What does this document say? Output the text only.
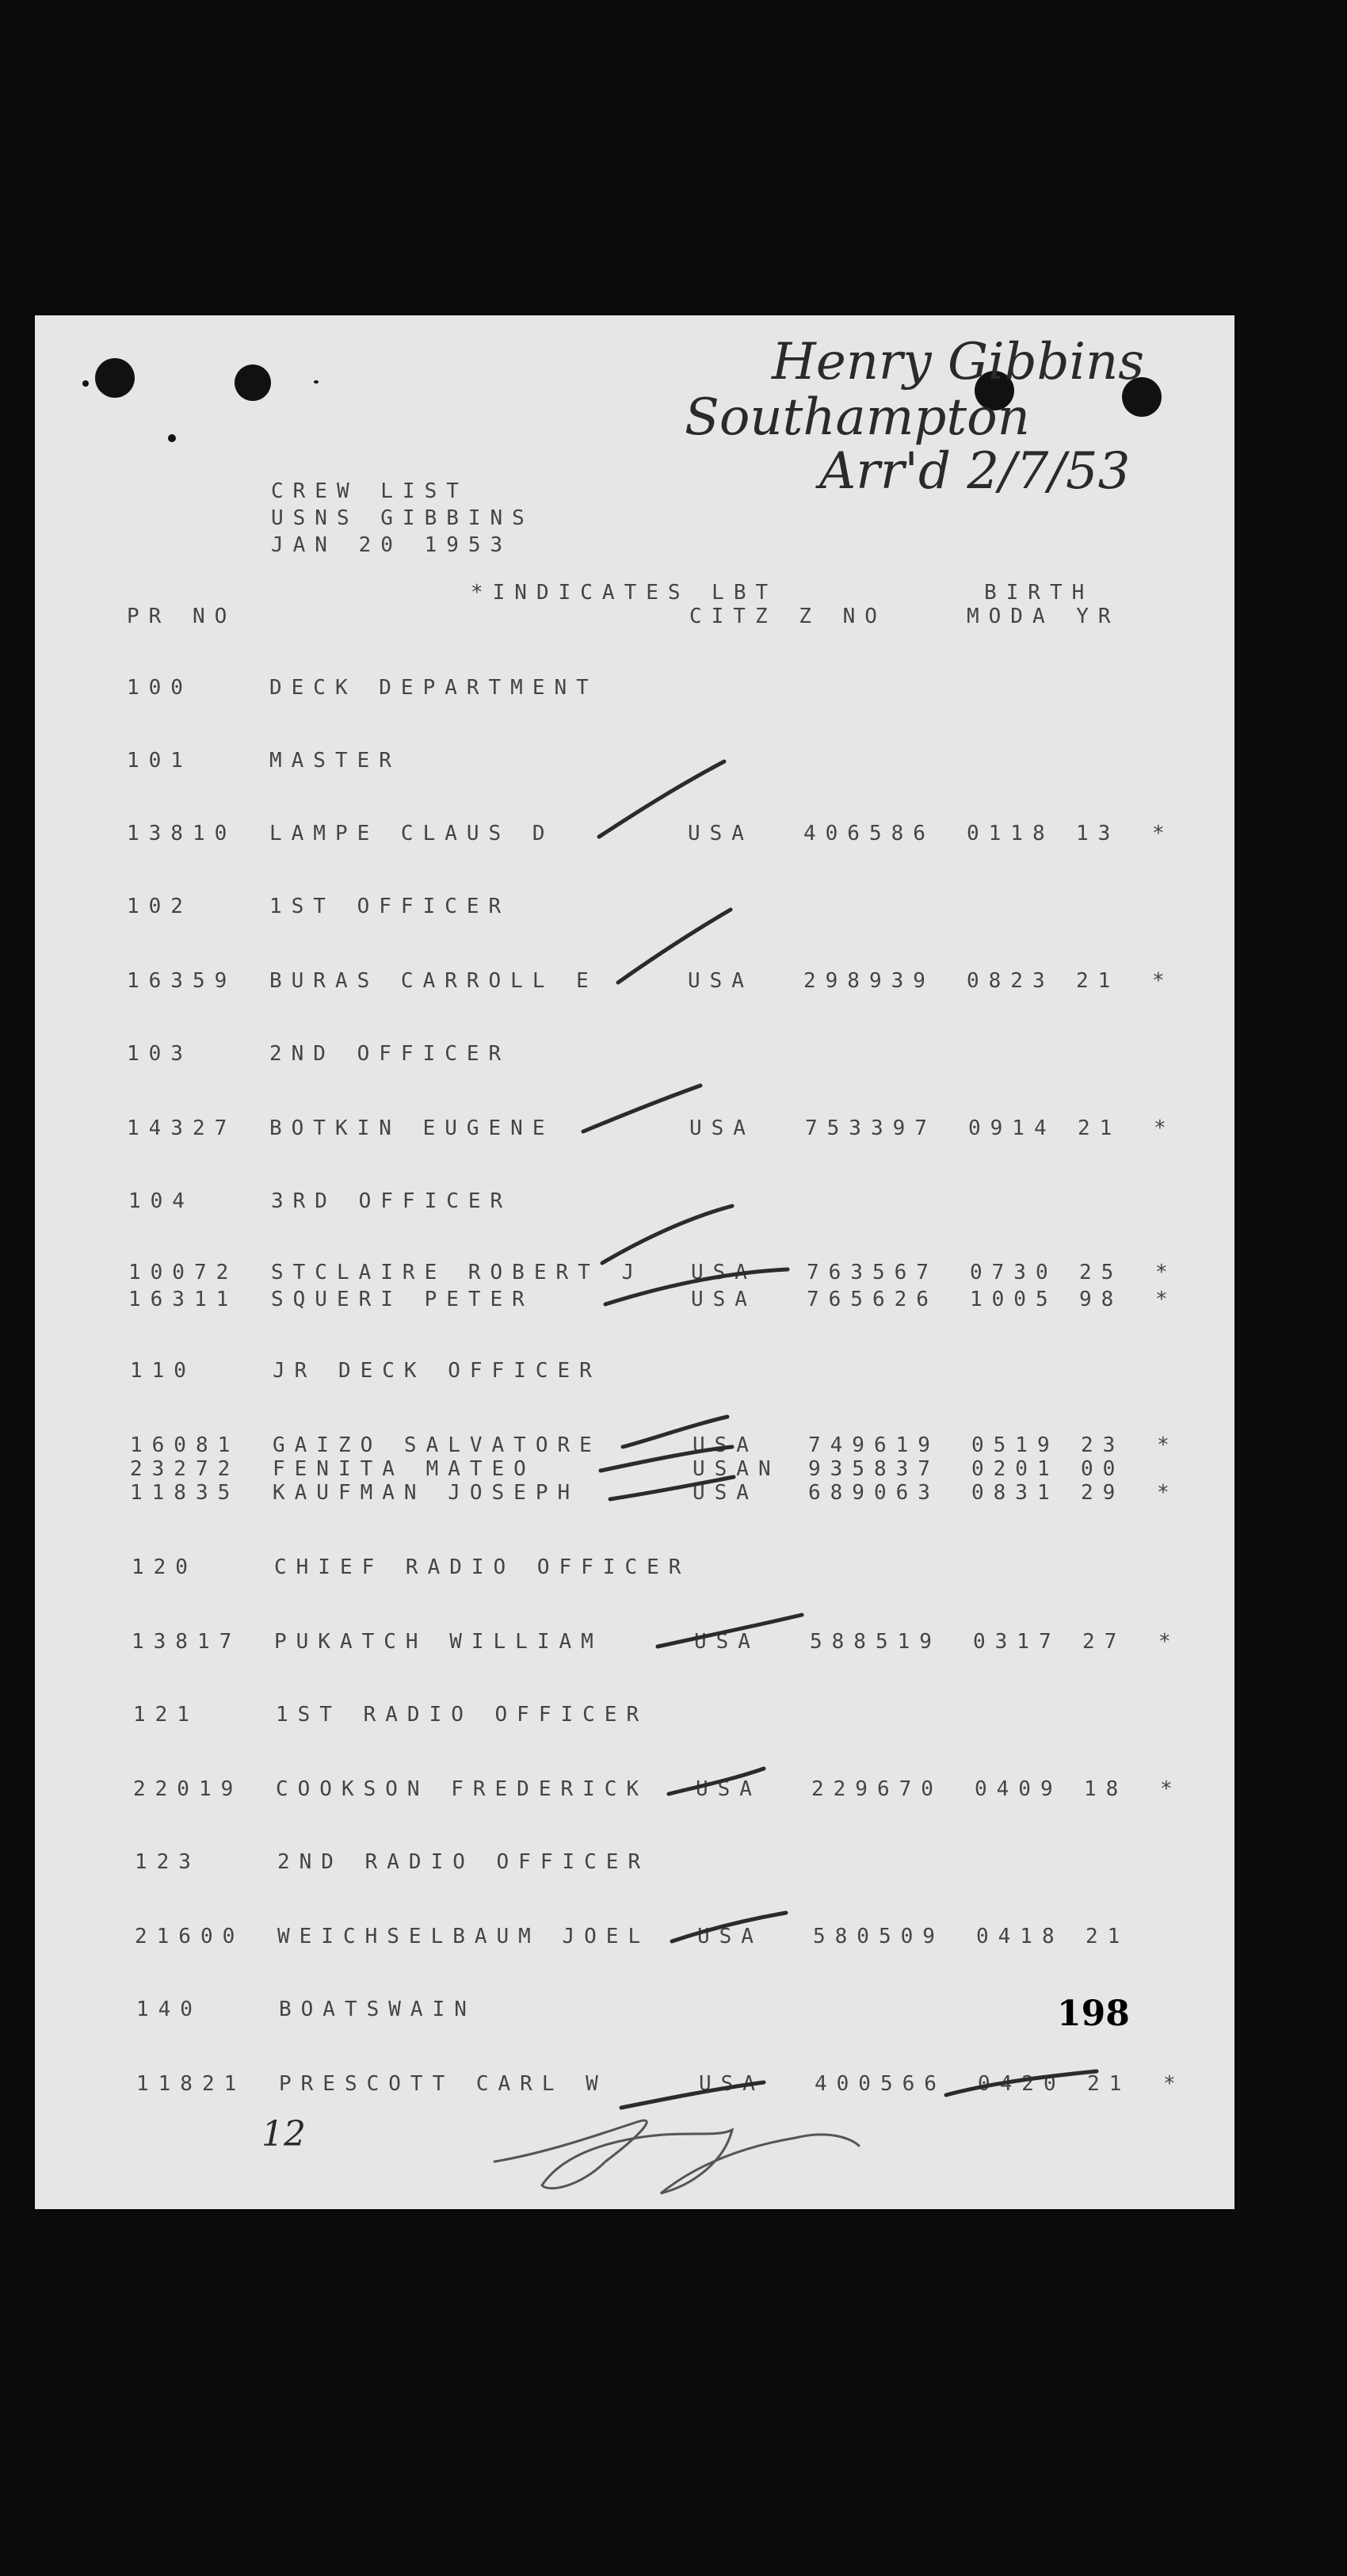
Henry Gibbins
Southampton
Arr'd 2/7/53
12
CREW LIST
USNS GIBBINS
JAN 20 1953
*INDICATES LBT	BIRTH
PR NO	CITZ Z NO	MODA YR
100	DECK DEPARTMENT
101	MASTER
13810 LAMPE CLAUS D	USA 406586 0118 13 *
102	1ST OFFICER
16359 BURAS CARROLL E	USA 298939 0823 21 *
103	2ND OFFICER
14327 BOTKIN EUGENE	USA 753397 0914 21 *
104	3RD OFFICER
10072 STCLAIRE ROBERT J USA 763567 0730 25 *
16311 SQUERI PETER	USA 765626 1005 98 *
110	JR DECK OFFICER
16081 GAIZO SALVATORE	USA 749619 0519 23 *
23272 FENITA MATEO	USAN 935837 0201 00
11835 KAUFMAN JOSEPH	USA 689063 0831 29 *
120	CHIEF RADIO OFFICER
13817 PUKATCH WILLIAM	USA 588519 0317 27 *
121	1ST RADIO OFFICER
22019 COOKSON FREDERICK USA 229670 0409 18 *
123	2ND RADIO OFFICER
21600 WEICHSELBAUM JOEL USA 580509 0418 21
140	BOATSWAIN
11821 PRESCOTT CARL W	USA 400566 0420 21 *
198
